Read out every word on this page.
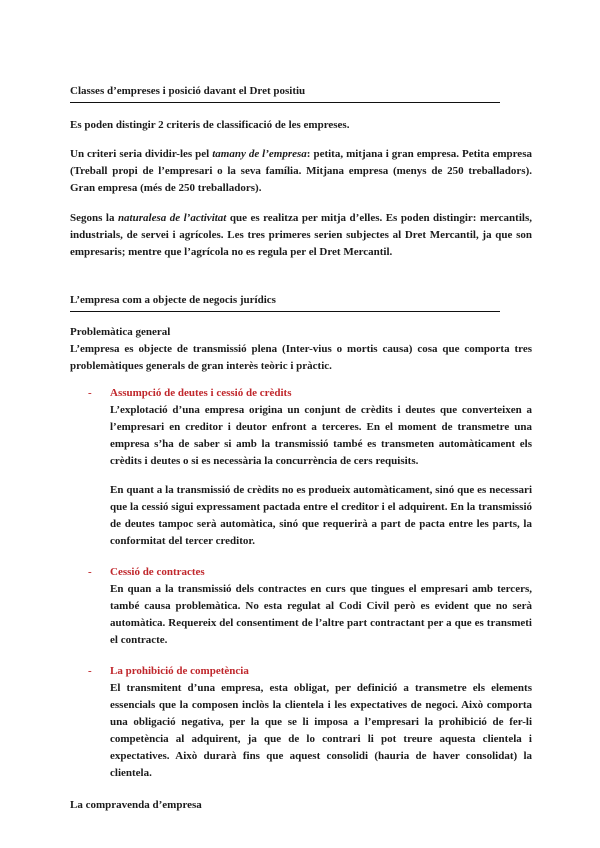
Classes d’empreses i posició davant el Dret positiu

Es poden distingir 2 criteris de classificació de les empreses.

Un criteri seria dividir-les pel tamany de l’empresa: petita, mitjana i gran empresa. Petita empresa (Treball propi de l’empresari o la seva família. Mitjana empresa (menys de 250 treballadors). Gran empresa (més de 250 treballadors).

Segons la naturalesa de l’activitat que es realitza per mitja d’elles. Es poden distingir: mercantils, industrials, de servei i agrícoles. Les tres primeres serien subjectes al Dret Mercantil, ja que son empresaris; mentre que l’agrícola no es regula per el Dret Mercantil.

L’empresa com a objecte de negocis jurídics
Problemàtica general

L’empresa es objecte de transmissió plena (Inter-vius o mortis causa) cosa que comporta tres problemàtiques generals de gran interès teòric i pràctic.

- Assumpció de deutes i cessió de crèdits

L’explotació d’una empresa origina un conjunt de crèdits i deutes que converteixen a l’empresari en creditor i deutor enfront a terceres. En el moment de transmetre una empresa s’ha de saber si amb la transmissió també es transmeten automàticament els crèdits i deutes o si es necessària la concurrència de cers requisits.

En quant a la transmissió de crèdits no es produeix automàticament, sinó que es necessari que la cessió sigui expressament pactada entre el creditor i el adquirent. En la transmissió de deutes tampoc serà automàtica, sinó que requerirà a part de pacta entre les parts, la conformitat del tercer creditor.

- Cessió de contractes

En quan a la transmissió dels contractes en curs que tingues el empresari amb tercers, també causa problemàtica. No esta regulat al Codi Civil però es evident que no serà automàtica. Requereix del consentiment de l’altre part contractant per a que es transmeti el contracte.

- La prohibició de competència

El transmitent d’una empresa, esta obligat, per definició a transmetre els elements essencials que la composen inclòs la clientela i les expectatives de negoci. Això comporta una obligació negativa, per la que se li imposa a l’empresari la prohibició de fer-li competència al adquirent, ja que de lo contrari li pot treure aquesta clientela i expectatives. Això durarà fins que aquest consolidi (hauria de haver consolidat) la clientela.

La compravenda d’empresa
